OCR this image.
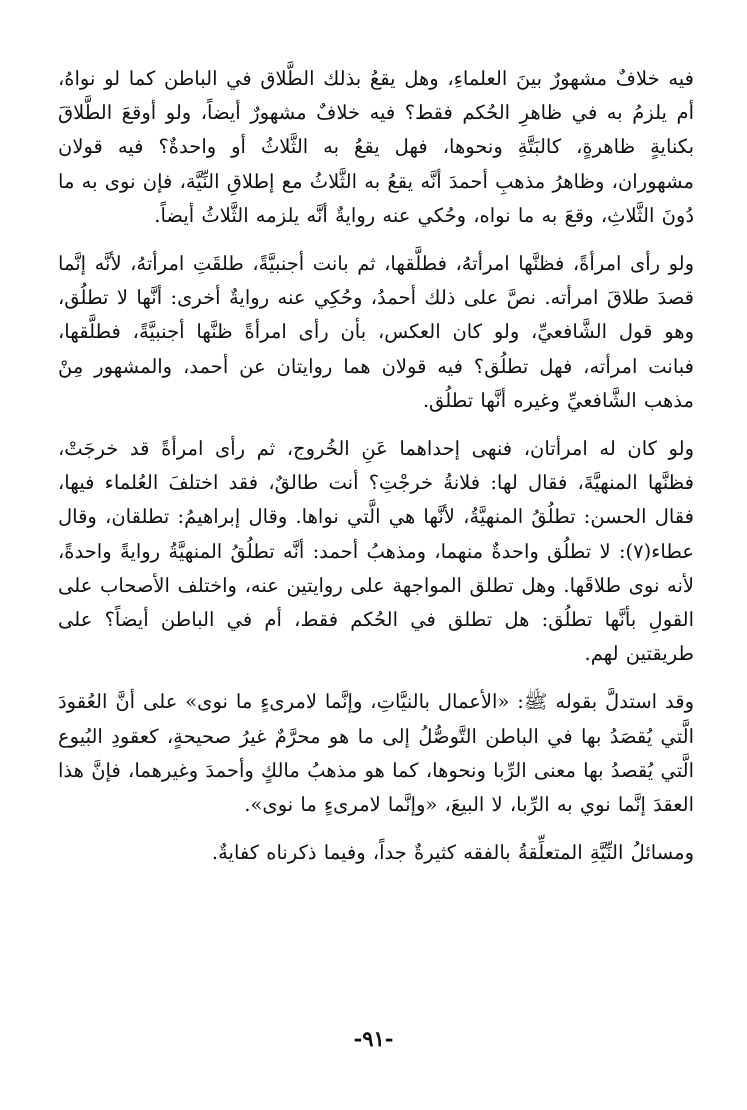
فيه خلافٌ مشهورٌ بينَ العلماءِ، وهل يقعُ بذلك الطَّلاق في الباطن كما لو نواهُ، أم يلزمُ به في ظاهرِ الحُكم فقط؟ فيه خلافٌ مشهورٌ أيضاً، ولو أوقعَ الطَّلاقَ بكنايةٍ ظاهرةٍ، كالبَتَّةِ ونحوها، فهل يقعُ به الثَّلاثُ أو واحدةٌ؟ فيه قولان مشهوران، وظاهرُ مذهبِ أحمدَ أنَّه يقعُ به الثَّلاثُ مع إطلاقِ النِّيَّة، فإن نوى به ما دُونَ الثَّلاثِ، وقعَ به ما نواه، وحُكي عنه روايةٌ أنَّه يلزمه الثَّلاثُ أيضاً.

ولو رأى امرأةً، فظنَّها امرأتهُ، فطلَّقها، ثم بانت أجنبيَّةً، طلقَتِ امرأتهُ، لأنَّه إنَّما قصدَ طلاقَ امرأته. نصَّ على ذلك أحمدُ، وحُكِي عنه روايةٌ أخرى: أنَّها لا تطلُق، وهو قول الشَّافعيِّ، ولو كان العكس، بأن رأى امرأةً ظنَّها أجنبيَّةً، فطلَّقها، فبانت امرأته، فهل تطلُق؟ فيه قولان هما روايتان عن أحمد، والمشهور مِنْ مذهب الشَّافعيِّ وغيره أنَّها تطلُق.

ولو كان له امرأتان، فنهى إحداهما عَنِ الخُروج، ثم رأى امرأةً قد خرجَتْ، فظنَّها المنهيَّةَ، فقال لها: فلانةُ خرجْتِ؟ أنت طالقٌ، فقد اختلفَ العُلماء فيها، فقال الحسن: تطلُقُ المنهيَّةُ، لأنَّها هي الَّتي نواها. وقال إبراهيمُ: تطلقان، وقال عطاء(٧): لا تطلُق واحدةٌ منهما، ومذهبُ أحمد: أنَّه تطلُقُ المنهيَّةُ روايةً واحدةً، لأنه نوى طلاقَها. وهل تطلق المواجهة على روايتين عنه، واختلف الأصحاب على القولِ بأنَّها تطلُق: هل تطلق في الحُكم فقط، أم في الباطن أيضاً؟ على طريقتين لهم.

وقد استدلَّ بقوله ﷺ: «الأعمال بالنيَّاتِ، وإنَّما لامرىءٍ ما نوى» على أنَّ العُقودَ الَّتي يُقصَدُ بها في الباطن التَّوصُّلُ إلى ما هو محرَّمٌ غيرُ صحيحةٍ، كعقودِ البُيوع الَّتي يُقصدُ بها معنى الرِّبا ونحوها، كما هو مذهبُ مالكٍ وأحمدَ وغيرهما، فإنَّ هذا العقدَ إنَّما نوي به الرِّبا، لا البيعَ، «وإنَّما لامرىءٍ ما نوى».

ومسائلُ النِّيَّةِ المتعلِّقةُ بالفقه كثيرةٌ جداً، وفيما ذكرناه كفايةٌ.

-٩١-
